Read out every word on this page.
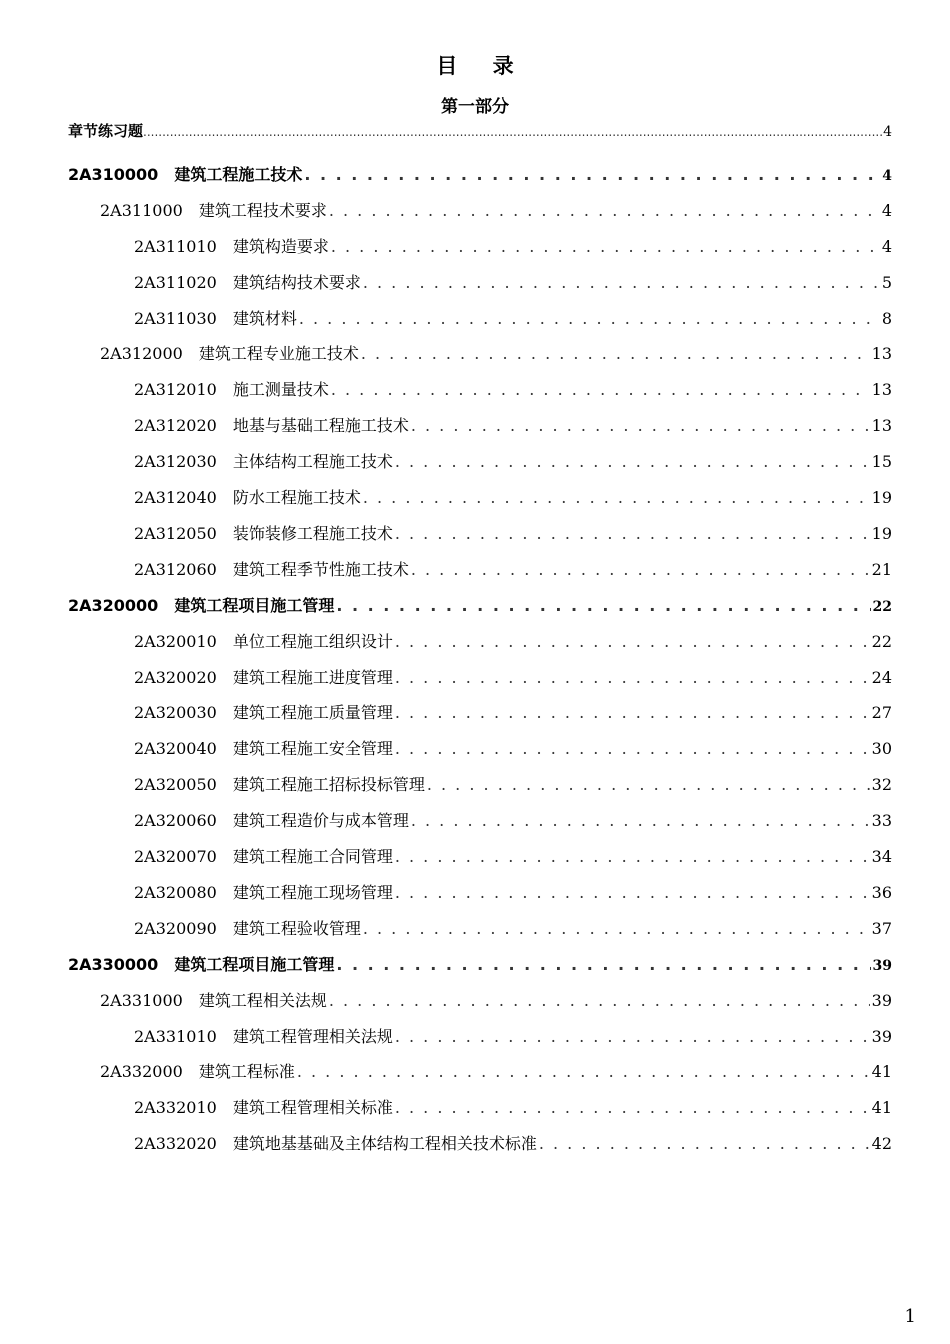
目 录
第一部分
章节练习题 .....	4
2A310000 建筑工程施工技术 . . .	4
2A311000 建筑工程技术要求 . . .	4
2A311010 建筑构造要求 . . .	4
2A311020 建筑结构技术要求 . . .	5
2A311030 建筑材料 . . .	8
2A312000 建筑工程专业施工技术 . . .	13
2A312010 施工测量技术 . . .	13
2A312020 地基与基础工程施工技术 . . .	13
2A312030 主体结构工程施工技术 . . .	15
2A312040 防水工程施工技术 . . .	19
2A312050 装饰装修工程施工技术 . . .	19
2A312060 建筑工程季节性施工技术 . . .	21
2A320000 建筑工程项目施工管理 . . .	22
2A320010 单位工程施工组织设计 . . .	22
2A320020 建筑工程施工进度管理 . . .	24
2A320030 建筑工程施工质量管理 . . .	27
2A320040 建筑工程施工安全管理 . . .	30
2A320050 建筑工程施工招标投标管理 . . .	32
2A320060 建筑工程造价与成本管理 . . .	33
2A320070 建筑工程施工合同管理 . . .	34
2A320080 建筑工程施工现场管理 . . .	36
2A320090 建筑工程验收管理 . . .	37
2A330000 建筑工程项目施工管理 . . .	39
2A331000 建筑工程相关法规 . . .	39
2A331010 建筑工程管理相关法规 . . .	39
2A332000 建筑工程标准 . . .	41
2A332010 建筑工程管理相关标准 . . .	41
2A332020 建筑地基基础及主体结构工程相关技术标准 . . .	42
1
